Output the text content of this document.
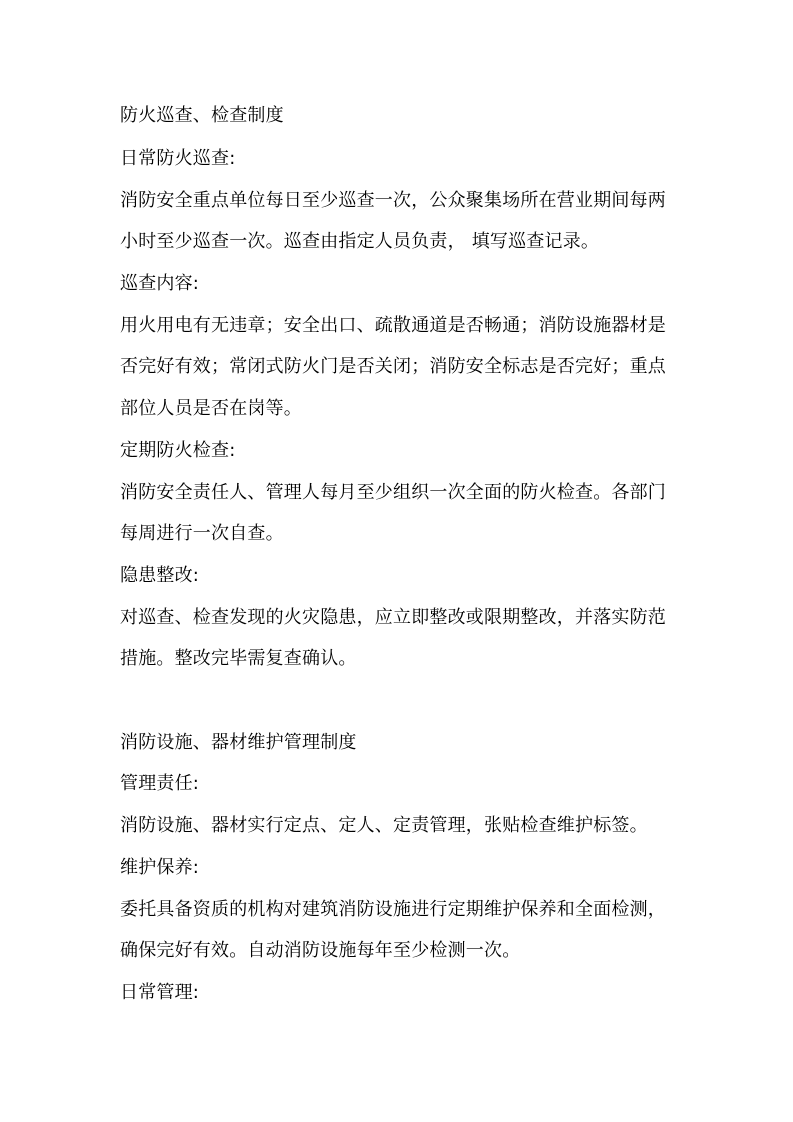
防火巡查、检查制度
日常防火巡查:
消防安全重点单位每日至少巡查一次，公众聚集场所在营业期间每两
小时至少巡查一次。巡查由指定人员负责， 填写巡查记录。
巡查内容:
用火用电有无违章；安全出口、疏散通道是否畅通；消防设施器材是
否完好有效；常闭式防火门是否关闭；消防安全标志是否完好；重点
部位人员是否在岗等。
定期防火检查:
消防安全责任人、管理人每月至少组织一次全面的防火检查。各部门
每周进行一次自查。
隐患整改:
对巡查、检查发现的火灾隐患，应立即整改或限期整改，并落实防范
措施。整改完毕需复查确认。
消防设施、器材维护管理制度
管理责任:
消防设施、器材实行定点、定人、定责管理，张贴检查维护标签。
维护保养:
委托具备资质的机构对建筑消防设施进行定期维护保养和全面检测，
确保完好有效。自动消防设施每年至少检测一次。
日常管理:
